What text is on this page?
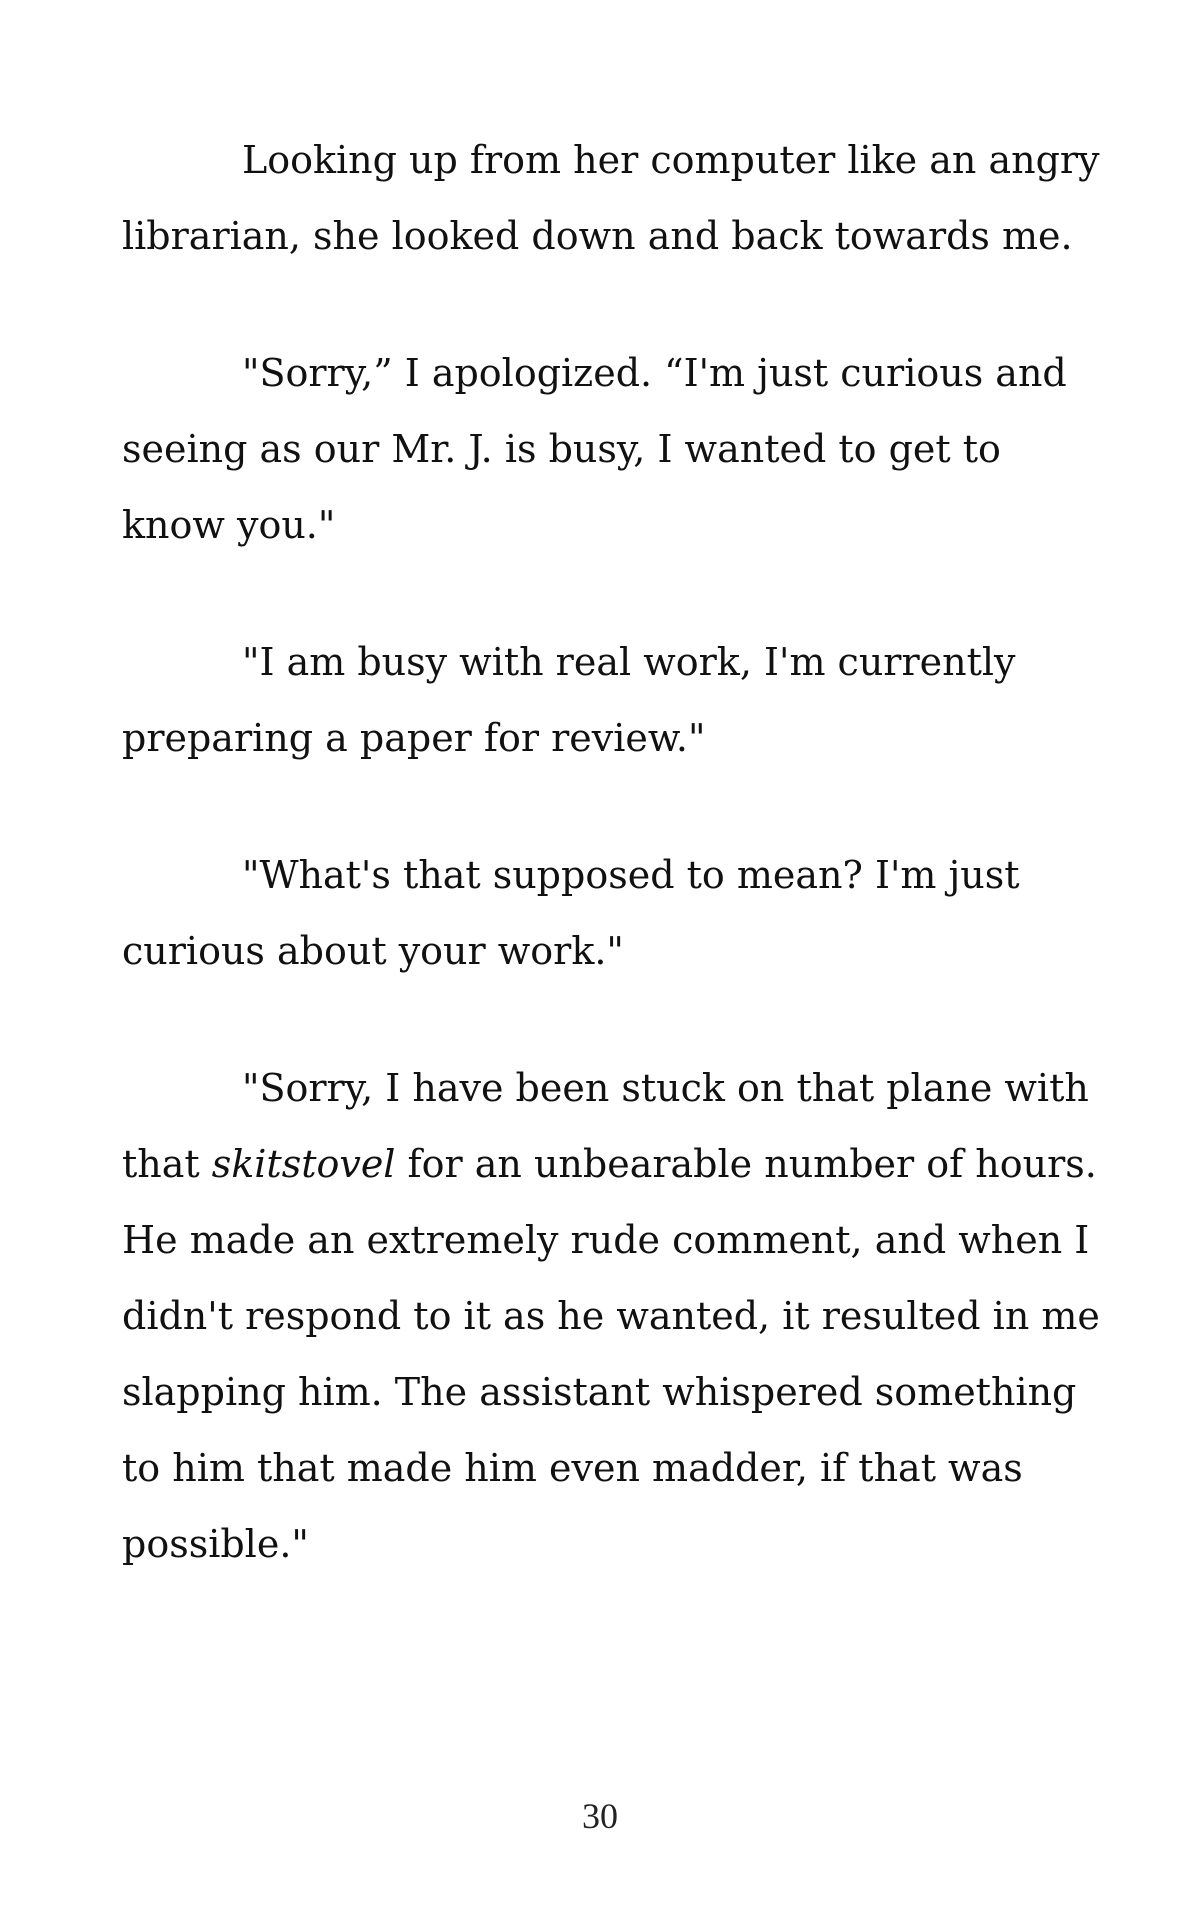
Looking up from her computer like an angry librarian, she looked down and back towards me.

"Sorry,” I apologized. “I'm just curious and seeing as our Mr. J. is busy, I wanted to get to know you."

"I am busy with real work, I'm currently preparing a paper for review."

"What's that supposed to mean? I'm just curious about your work."

"Sorry, I have been stuck on that plane with that skitstovel for an unbearable number of hours. He made an extremely rude comment, and when I didn't respond to it as he wanted, it resulted in me slapping him. The assistant whispered something to him that made him even madder, if that was possible."

30
